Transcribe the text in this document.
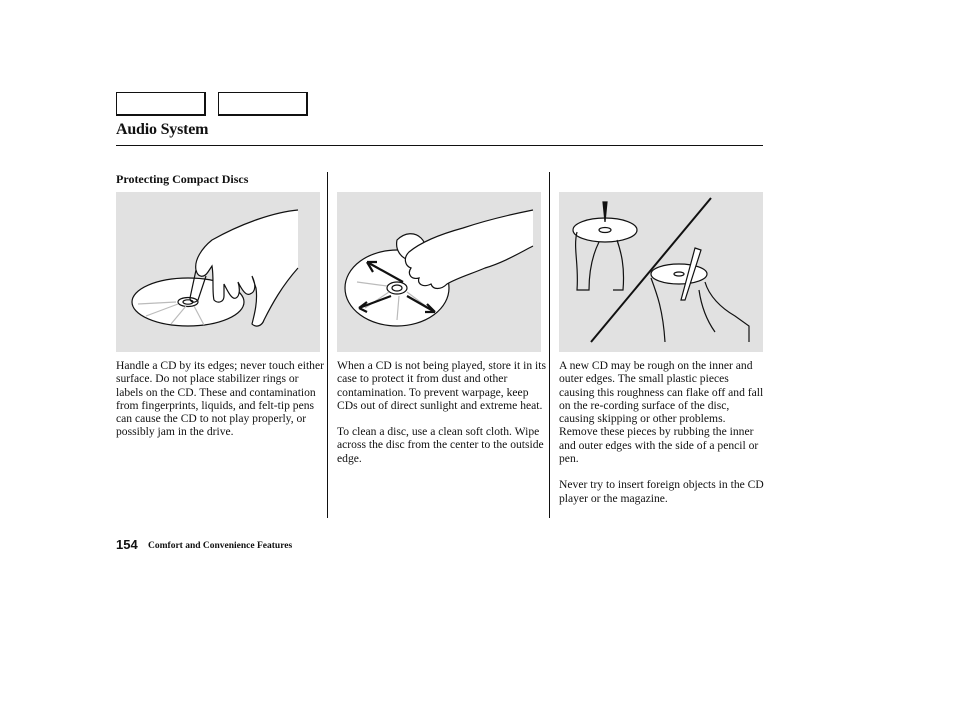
Audio System
Protecting Compact Discs

Handle a CD by its edges; never touch either surface. Do not place stabilizer rings or labels on the CD. These and contamination from fingerprints, liquids, and felt-tip pens can cause the CD to not play properly, or possibly jam in the drive.

When a CD is not being played, store it in its case to protect it from dust and other contamination. To prevent warpage, keep CDs out of direct sunlight and extreme heat.

To clean a disc, use a clean soft cloth. Wipe across the disc from the center to the outside edge.

A new CD may be rough on the inner and outer edges. The small plastic pieces causing this roughness can flake off and fall on the re-cording surface of the disc, causing skipping or other problems. Remove these pieces by rubbing the inner and outer edges with the side of a pencil or pen.

Never try to insert foreign objects in the CD player or the magazine.

154 Comfort and Convenience Features
